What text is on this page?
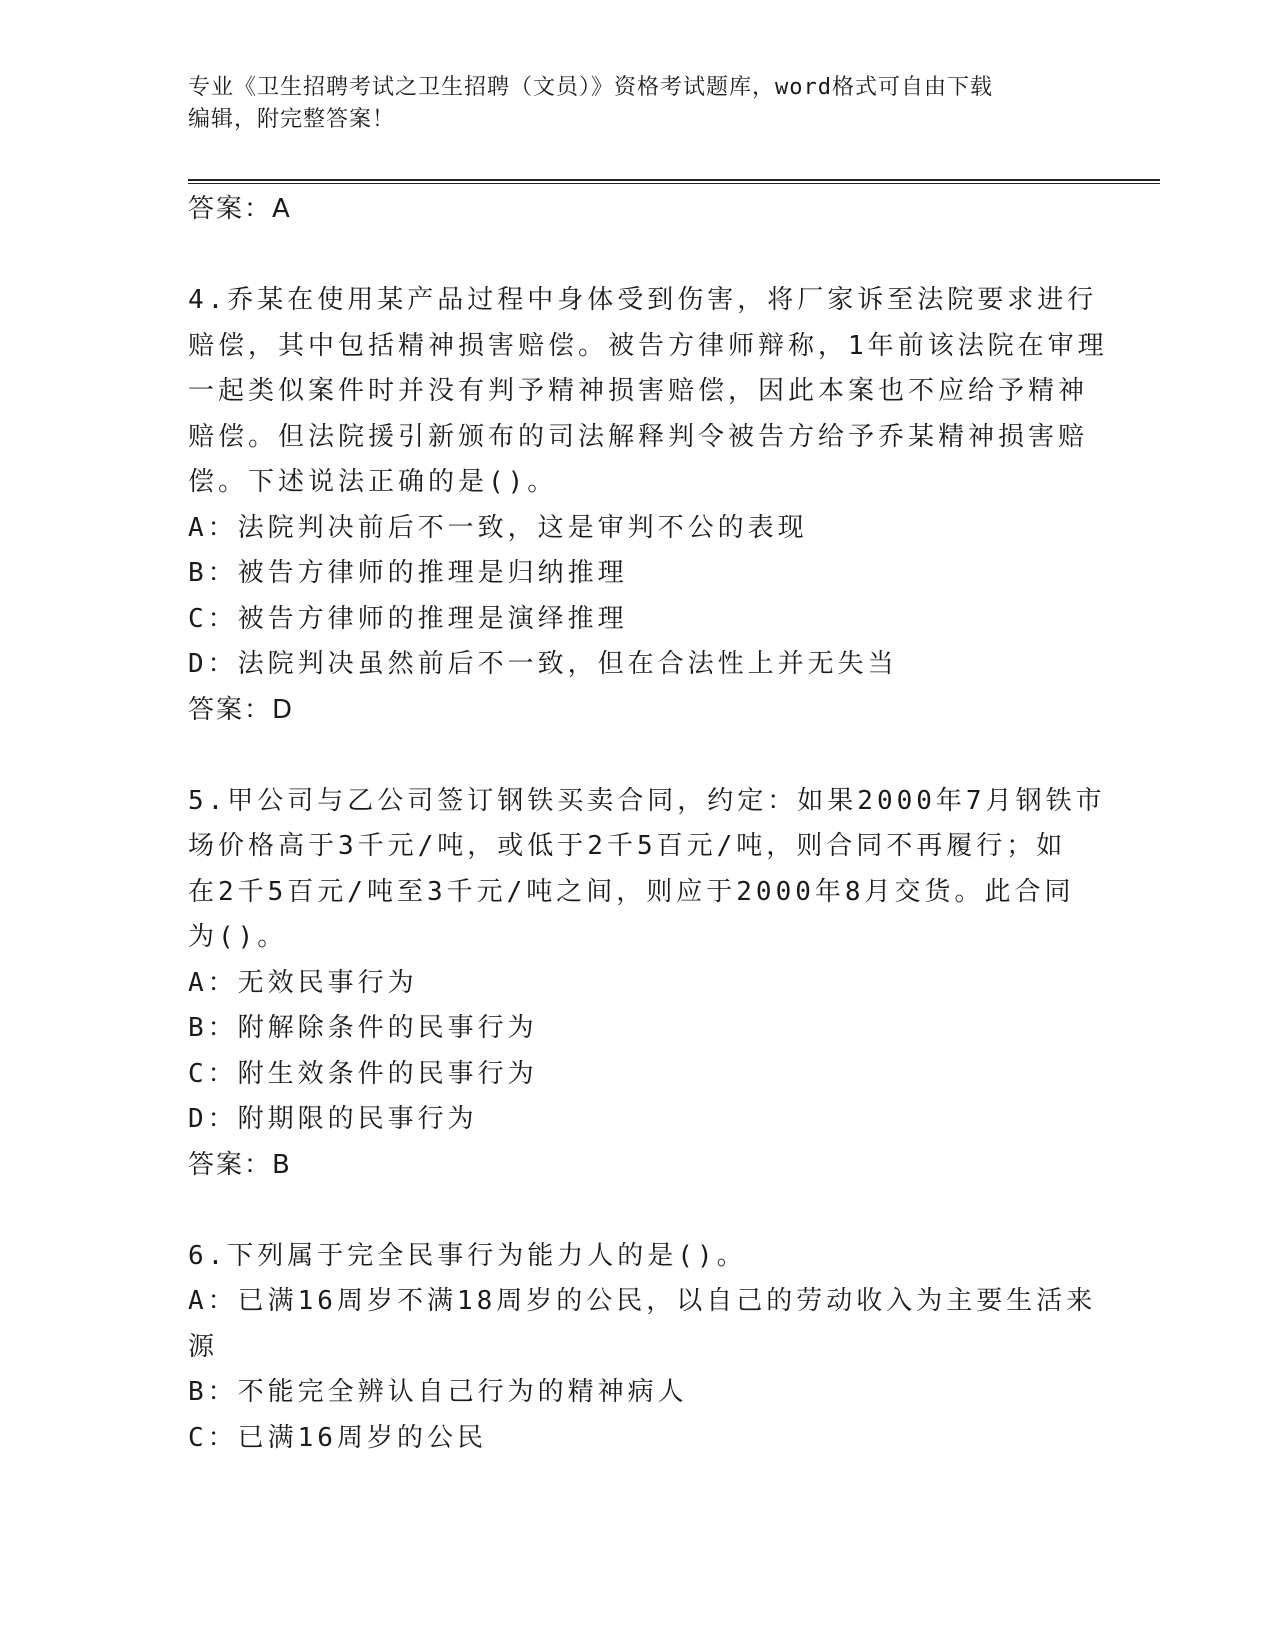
专业《卫生招聘考试之卫生招聘（文员）》资格考试题库，word格式可自由下载
编辑，附完整答案！
答案：A
4.乔某在使用某产品过程中身体受到伤害，将厂家诉至法院要求进行
赔偿，其中包括精神损害赔偿。被告方律师辩称，1年前该法院在审理
一起类似案件时并没有判予精神损害赔偿，因此本案也不应给予精神
赔偿。但法院援引新颁布的司法解释判令被告方给予乔某精神损害赔
偿。下述说法正确的是()。
A：法院判决前后不一致，这是审判不公的表现
B：被告方律师的推理是归纳推理
C：被告方律师的推理是演绎推理
D：法院判决虽然前后不一致，但在合法性上并无失当
答案：D
5.甲公司与乙公司签订钢铁买卖合同，约定：如果2000年7月钢铁市
场价格高于3千元/吨，或低于2千5百元/吨，则合同不再履行；如
在2千5百元/吨至3千元/吨之间，则应于2000年8月交货。此合同
为()。
A：无效民事行为
B：附解除条件的民事行为
C：附生效条件的民事行为
D：附期限的民事行为
答案：B
6.下列属于完全民事行为能力人的是()。
A：已满16周岁不满18周岁的公民，以自己的劳动收入为主要生活来
源
B：不能完全辨认自己行为的精神病人
C：已满16周岁的公民
